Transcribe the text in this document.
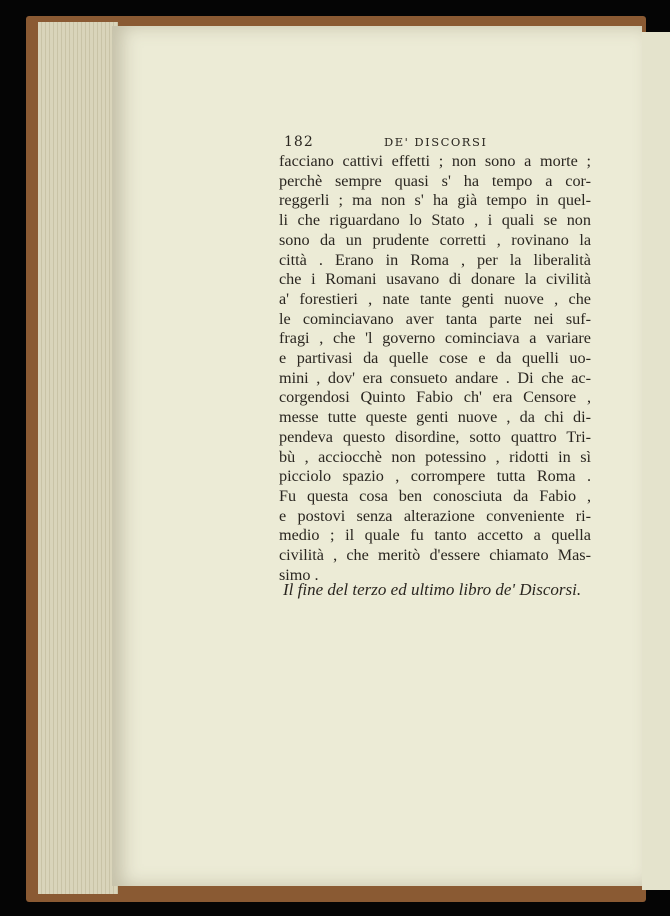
182	DE' DISCORSI
facciano cattivi effetti ; non sono a morte ;
perchè sempre quasi s' ha tempo a cor-
reggerli ; ma non s' ha già tempo in quel-
li che riguardano lo Stato , i quali se non
sono da un prudente corretti , rovinano la
città . Erano in Roma , per la liberalità
che i Romani usavano di donare la civilità
a' forestieri , nate tante genti nuove , che
le cominciavano aver tanta parte nei suf-
fragi , che 'l governo cominciava a variare
e partivasi da quelle cose e da quelli uo-
mini , dov' era consueto andare . Di che ac-
corgendosi Quinto Fabio ch' era Censore ,
messe tutte queste genti nuove , da chi di-
pendeva questo disordine, sotto quattro Tri-
bù , acciocchè non potessino , ridotti in sì
picciolo spazio , corrompere tutta Roma .
Fu questa cosa ben conosciuta da Fabio ,
e postovi senza alterazione conveniente ri-
medio ; il quale fu tanto accetto a quella
civilità , che meritò d'essere chiamato Mas-
simo .
Il fine del terzo ed ultimo libro de' Discorsi.
